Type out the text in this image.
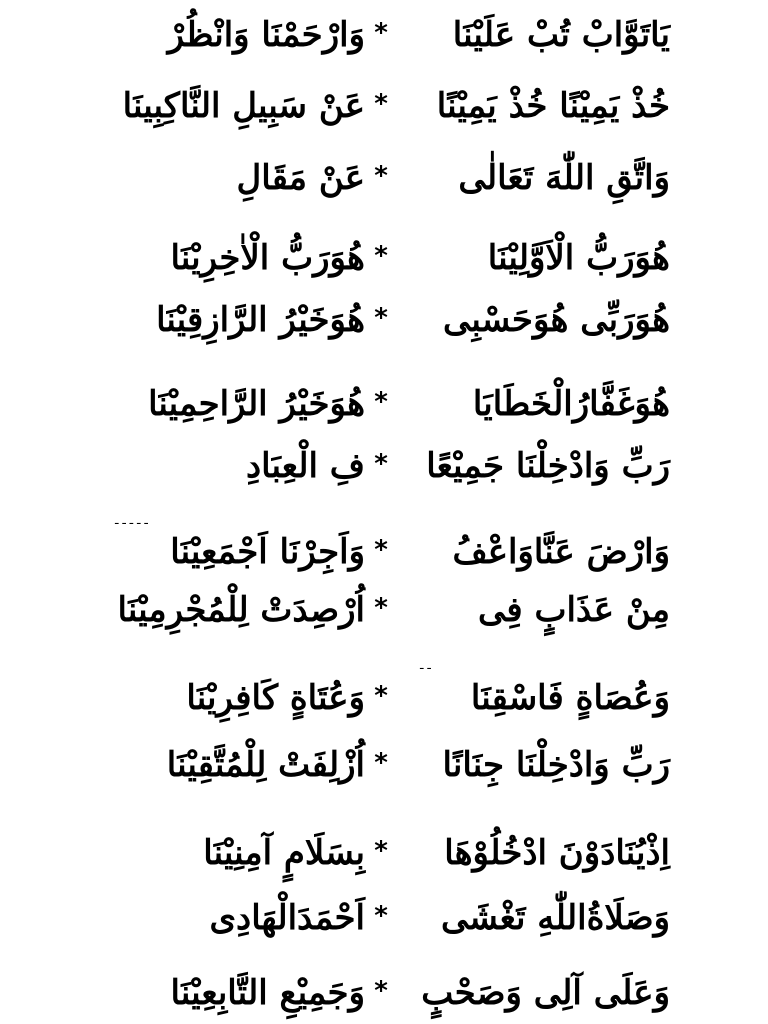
يَاتَوَّابْ تُبْ عَلَيْنَا
*
وَارْحَمْنَا وَانْظُرْ
خُذْ يَمِيْنًا خُذْ يَمِيْنًا
*
عَنْ سَبِيلِ النَّاكِبِينَا
وَاتَّقِ اللّٰهَ تَعَالٰى
*
عَنْ مَقَالِ
هُوَرَبُّ الْاَوَّلِيْنَا
*
هُوَرَبُّ الْاٰخِرِيْنَا
هُوَرَبِّى هُوَحَسْبِى
*
هُوَخَيْرُ الرَّازِقِيْنَا
هُوَغَفَّارُالْخَطَايَا
*
هُوَخَيْرُ الرَّاحِمِيْنَا
رَبِّ وَادْخِلْنَا جَمِيْعًا
*
فِ الْعِبَادِ
ـ ـ ـ ـ ـ
وَارْضَ عَنَّاوَاعْفُ
*
وَاَجِرْنَا اَجْمَعِيْنَا
مِنْ عَذَابٍ فِى
*
اُرْصِدَتْ لِلْمُجْرِمِيْنَا
ـ ـ
وَعُصَاةٍ فَاسْقِنَا
*
وَعُتَاةٍ كَافِرِيْنَا
رَبِّ وَادْخِلْنَا جِنَانًا
*
اُزْلِفَتْ لِلْمُتَّقِيْنَا
اِذْيُنَادَوْنَ ادْخُلُوْهَا
*
بِسَلَامٍ آمِنِيْنَا
وَصَلَاةُاللّٰهِ تَغْشَى
*
اَحْمَدَالْهَادِى
وَعَلَى آلِى وَصَحْبٍ
*
وَجَمِيْعِ التَّابِعِيْنَا
